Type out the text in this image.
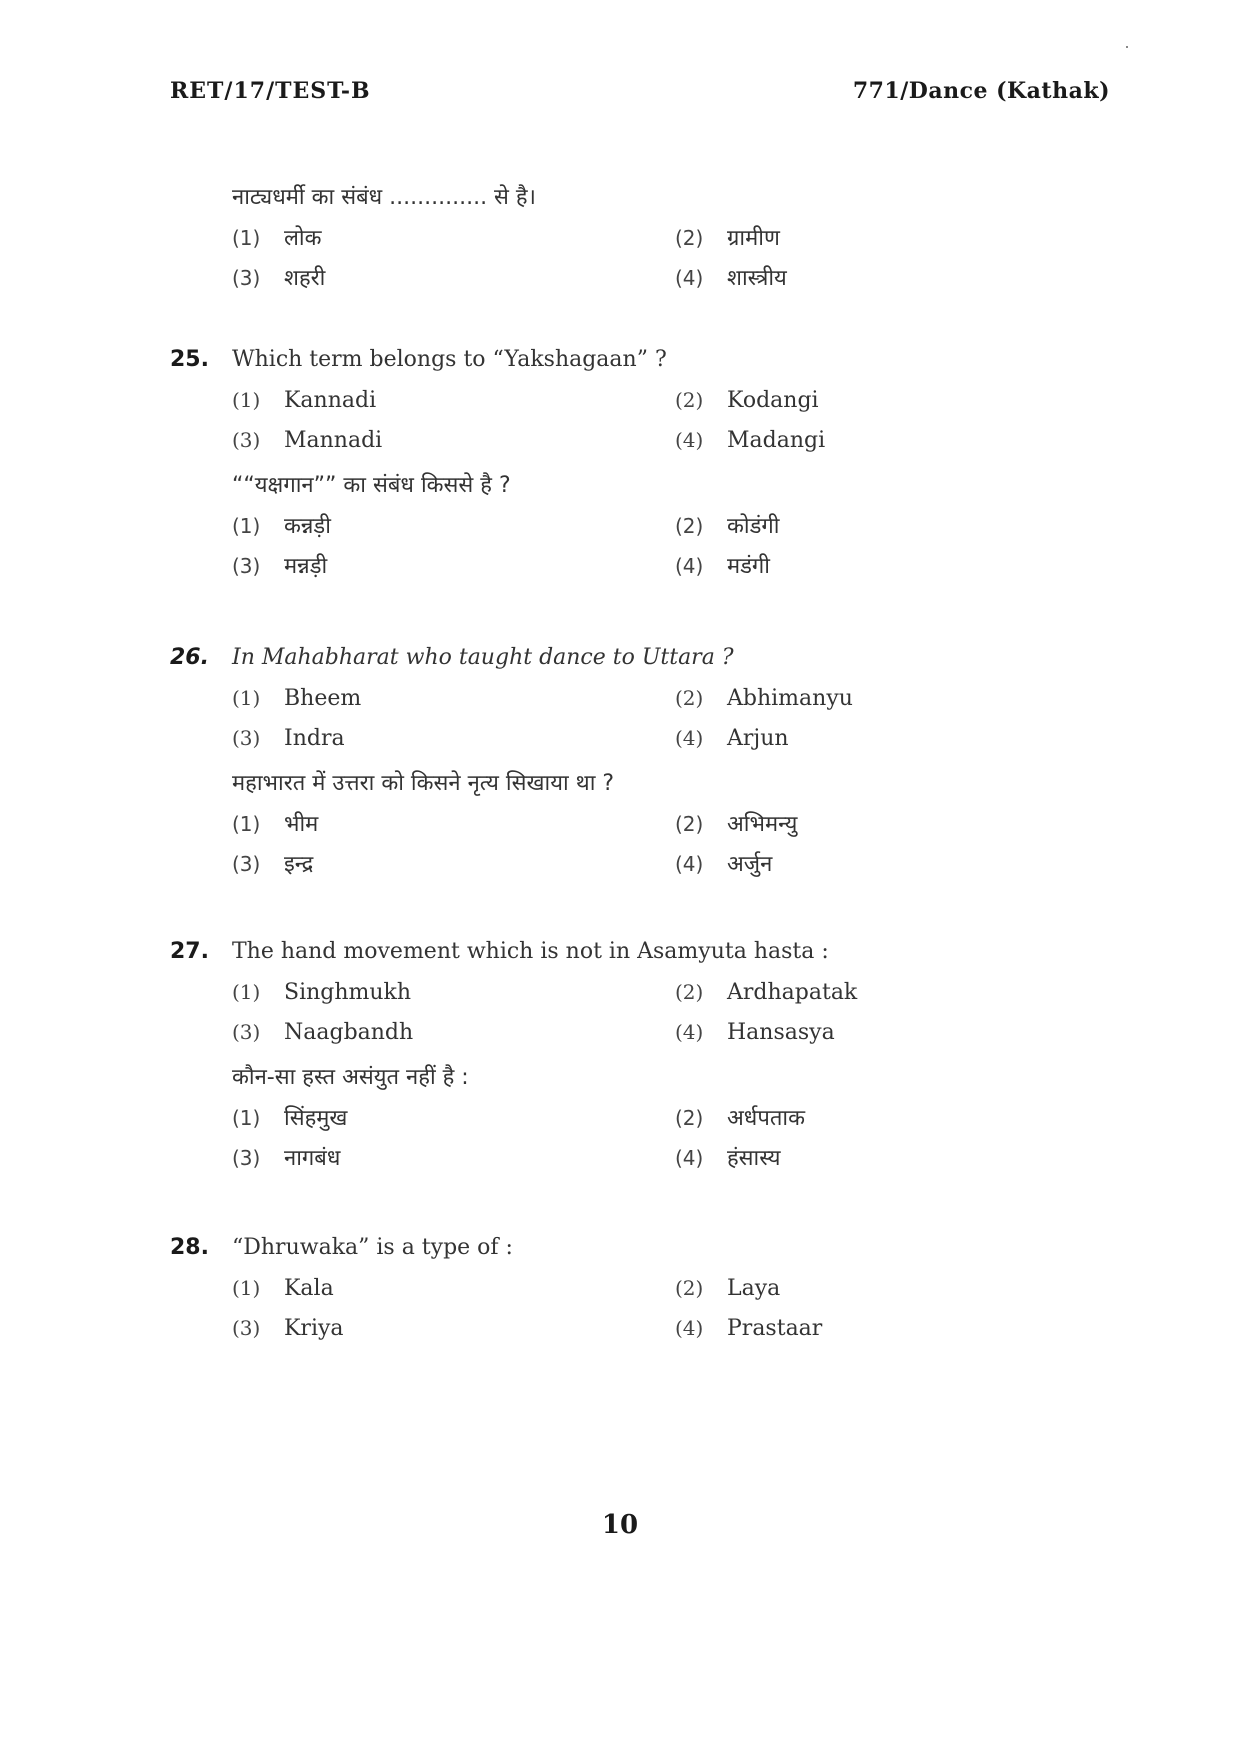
RET/17/TEST-B	771/Dance (Kathak)
नाट्यधर्मी का संबंध .............. से है।
(1) लोक	(2) ग्रामीण
(3) शहरी	(4) शास्त्रीय
25. Which term belongs to “Yakshagaan” ?
(1) Kannadi	(2) Kodangi
(3) Mannadi	(4) Madangi
““यक्षगान”” का संबंध किससे है ?
(1) कन्नड़ी	(2) कोडंगी
(3) मन्नड़ी	(4) मडंगी
26. In Mahabharat who taught dance to Uttara ?
(1) Bheem	(2) Abhimanyu
(3) Indra	(4) Arjun
महाभारत में उत्तरा को किसने नृत्य सिखाया था ?
(1) भीम	(2) अभिमन्यु
(3) इन्द्र	(4) अर्जुन
27. The hand movement which is not in Asamyuta hasta :
(1) Singhmukh	(2) Ardhapatak
(3) Naagbandh	(4) Hansasya
कौन-सा हस्त असंयुत नहीं है :
(1) सिंहमुख	(2) अर्धपताक
(3) नागबंध	(4) हंसास्य
28. “Dhruwaka” is a type of :
(1) Kala	(2) Laya
(3) Kriya	(4) Prastaar
10
